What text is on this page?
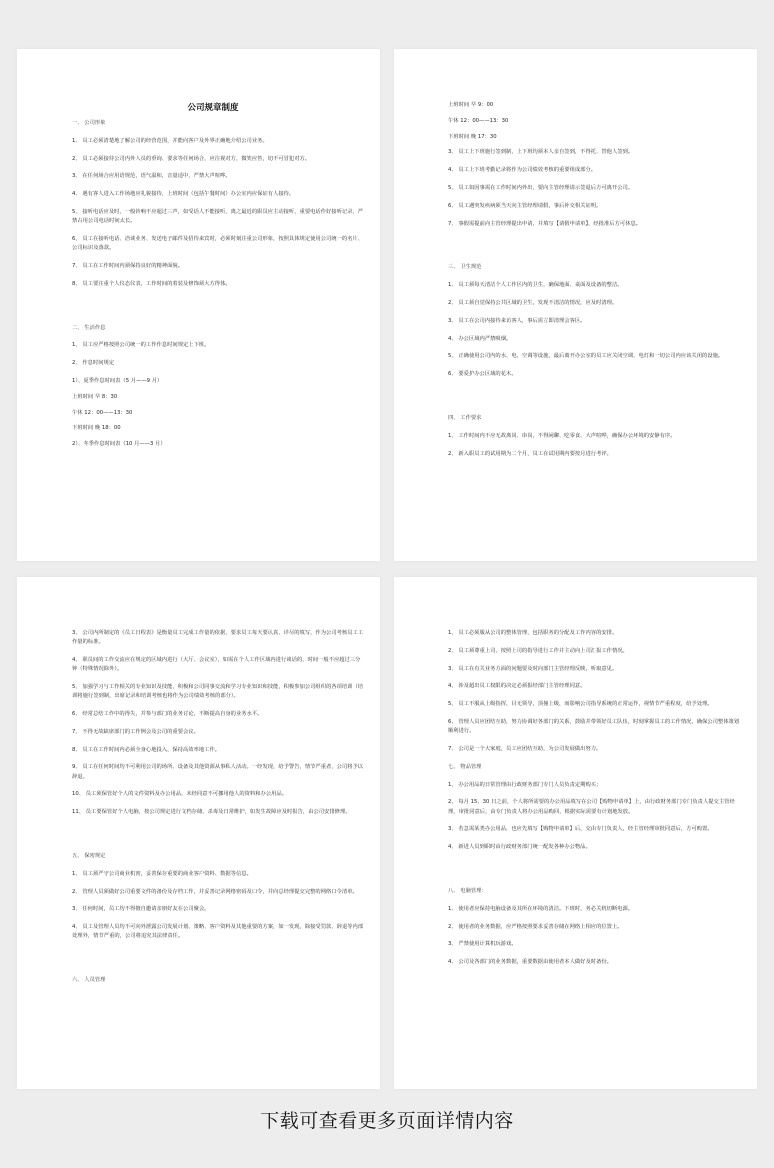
公司规章制度
一、 公司形象
1、 员工必须清楚地了解公司的经营范围，并能向客户及外界正确地介绍公司业务。
2、 员工必须接待公司内外人员的垂询、要求等任何场合，应注视对方，微笑应答，切不可冒犯对方。
3、 在任何场合应用语规范，语气温和，音量适中，严禁大声喧哗。
4、 遇有客人进入工作场地应礼貌接待，上班时间（包括午餐时间）办公室内应保证有人接待。
5、 接听电话应及时，一般铃响不应超过三声，如受话人不能接听，离之最近的职员应主动接听，重要电话作好接听记录，严禁占用公司电话时间太长。
6、 员工在接听电话、洽谈业务、发送电子邮件及招待来宾时，必须时刻注重公司形象，按照具体规定使用公司统一的名片、公司标识及落款。
7、 员工在工作时间内须保持良好的精神面貌。
8、 员工要注重个人仪态仪表，工作时间的着装及修饰须大方得体。
二、 生活作息
1、 员工应严格按照公司统一的工作作息时间规定上下班。
2、 作息时间规定
1）、夏季作息时间表（5 月——9 月）
上班时间 早 8：30
午休 12：00——13：30
下班时间 晚 18：00
2）、冬季作息时间表（10 月——3 月）
上班时间 早 9：00
午休 12：00——13：30
下班时间 晚 17：30
3、 员工上下班施行签到制，上下班均须本人亲自签到，不得托、替他人签到。
4、 员工上下班考勤记录将作为公司绩效考核的重要组成部分。
5、 员工如因事需在工作时间内外出，要向主管经理请示签退后方可离开公司。
6、 员工遇突发疾病须当天向主管经理请假，事后补交相关证明。
7、 事假需提前向主管经理提出申请，并填写【请假申请单】，经批准后方可休息。
三、 卫生规范
1、 员工须每天清洁个人工作区内的卫生，确保地面、桌面及设备的整洁。
2、 员工须自觉保持公共区域的卫生，发现不清洁的情况，应及时清理。
3、 员工在公司内接待来访客人，事后需立即清理会客区。
4、 办公区域内严禁吸烟。
5、 正确使用公司内的水、电、空调等设施，最后离开办公室的员工应关闭空调、电灯和一切公司内应该关闭的设施。
6、 要爱护办公区域的花木。
四、 工作要求
1、 工作时间内不应无故离岗、串岗，不得闲聊、吃零食、大声喧哗，确保办公环境的安静有序。
2、 新入职员工的试用期为二个月，员工在试用期内要按月进行考评。
3、 公司内所制定的《员工日程表》是衡量员工完成工作量的依据，要求员工每天要认真、详尽的填写，作为公司考核员工工作量的标准。
4、 职员间的工作交流应在规定的区域内进行（大厅、会议室），如需在个人工作区域内进行谈话的，时间一般不应超过三分钟（特殊情况除外）。
5、 加强学习与工作相关的专业知识及技能，积极和公司同事交流和学习专业知识和技能，积极参加公司组织的各项培训（培训将施行签到制，出席记录和培训考核也将作为公司绩效考核的部分）。
6、 经常总结工作中的得失，并参与部门的业务讨论，不断提高自身的业务水平。
7、 不得无故缺席部门的工作例会及公司的重要会议。
8、 员工在工作时间内必须全身心地投入，保持高效率地工作。
9、 员工在任何时间均不可利用公司的场所、设备及其他资源从事私人活动。一经发现，给予警告，情节严重者，公司将予以辞退。
10、 员工须保管好个人的文件资料及办公用品，未经同意不可挪用他人的资料和办公用品。
11、 员工要保管好个人电脑，按公司规定进行文档存储、杀毒及日常维护，如发生故障应及时报告，由公司安排修理。
五、 保密规定
1、 员工须严守公司商业机密，妥善保存重要的商业客户资料、数据等信息。
2、 管理人员须做好公司重要文件的备份及存档工作，并妥善记录网络密码及口令，并向总经理提交完整的网络口令清单。
3、 任何时间，员工均不得擅自邀请亲朋好友在公司聚会。
4、 员工及管理人员均不可向外泄露公司发展计划、策略、客户资料及其他重要的方案，如一发现，除接受罚款、辞退等内部处理外，情节严重的，公司将追究其法律责任。
六、 人员管理
1、 员工必须服从公司的整体管理，包括职务的分配及工作内容的安排。
2、 员工须尊重上司，按照上司的指导进行工作并主动向上司汇报工作情况。
3、 员工在有关业务方面的问题要及时向部门主管经理反映，听取意见。
4、 涉及超出员工权限的决定必须报经部门主管经理同意。
5、 员工不服从上级指挥，目无领导，顶撞上级，而影响公司指导系统的正常运作，视情节严重程度，给予处理。
6、 管理人员应团结互助，努力协调好各部门的关系，鼓励并带领好员工队伍，时刻掌握员工的工作情况，确保公司整体策划顺利进行。
7、 公司是一个大家庭，员工应团结互助，为公司发展做出努力。
七、 物品管理
1、 办公用品的日常管理由行政财务部门专门人员负责定期购买；
2、 每月 15、30 日之前，个人将所需要的办公用品填写在公司【购物申请单】上，由行政财务部门专门负责人提交主管经理，审批同意后，由专门负责人将办公用品购回，根据实际需要有计划地发放。
3、 若急需某类办公用品，也应先填写【购物申请单】后，交由专门负责人，经主管经理审批同意后，方可购置。
4、 新进人员到职时由行政财务部门统一配发各种办公物品。
八、 电脑管理：
1、 使用者应保持电脑设备及其所在环境的清洁。下班时，务必关机切断电源。
2、 使用者的业务数据，应严格按照要求妥善存储在网络上相应的位置上。
3、 严禁使用计算机玩游戏。
4、 公司及各部门的业务数据，重要数据由使用者本人做好及时备份。
下载可查看更多页面详情内容
